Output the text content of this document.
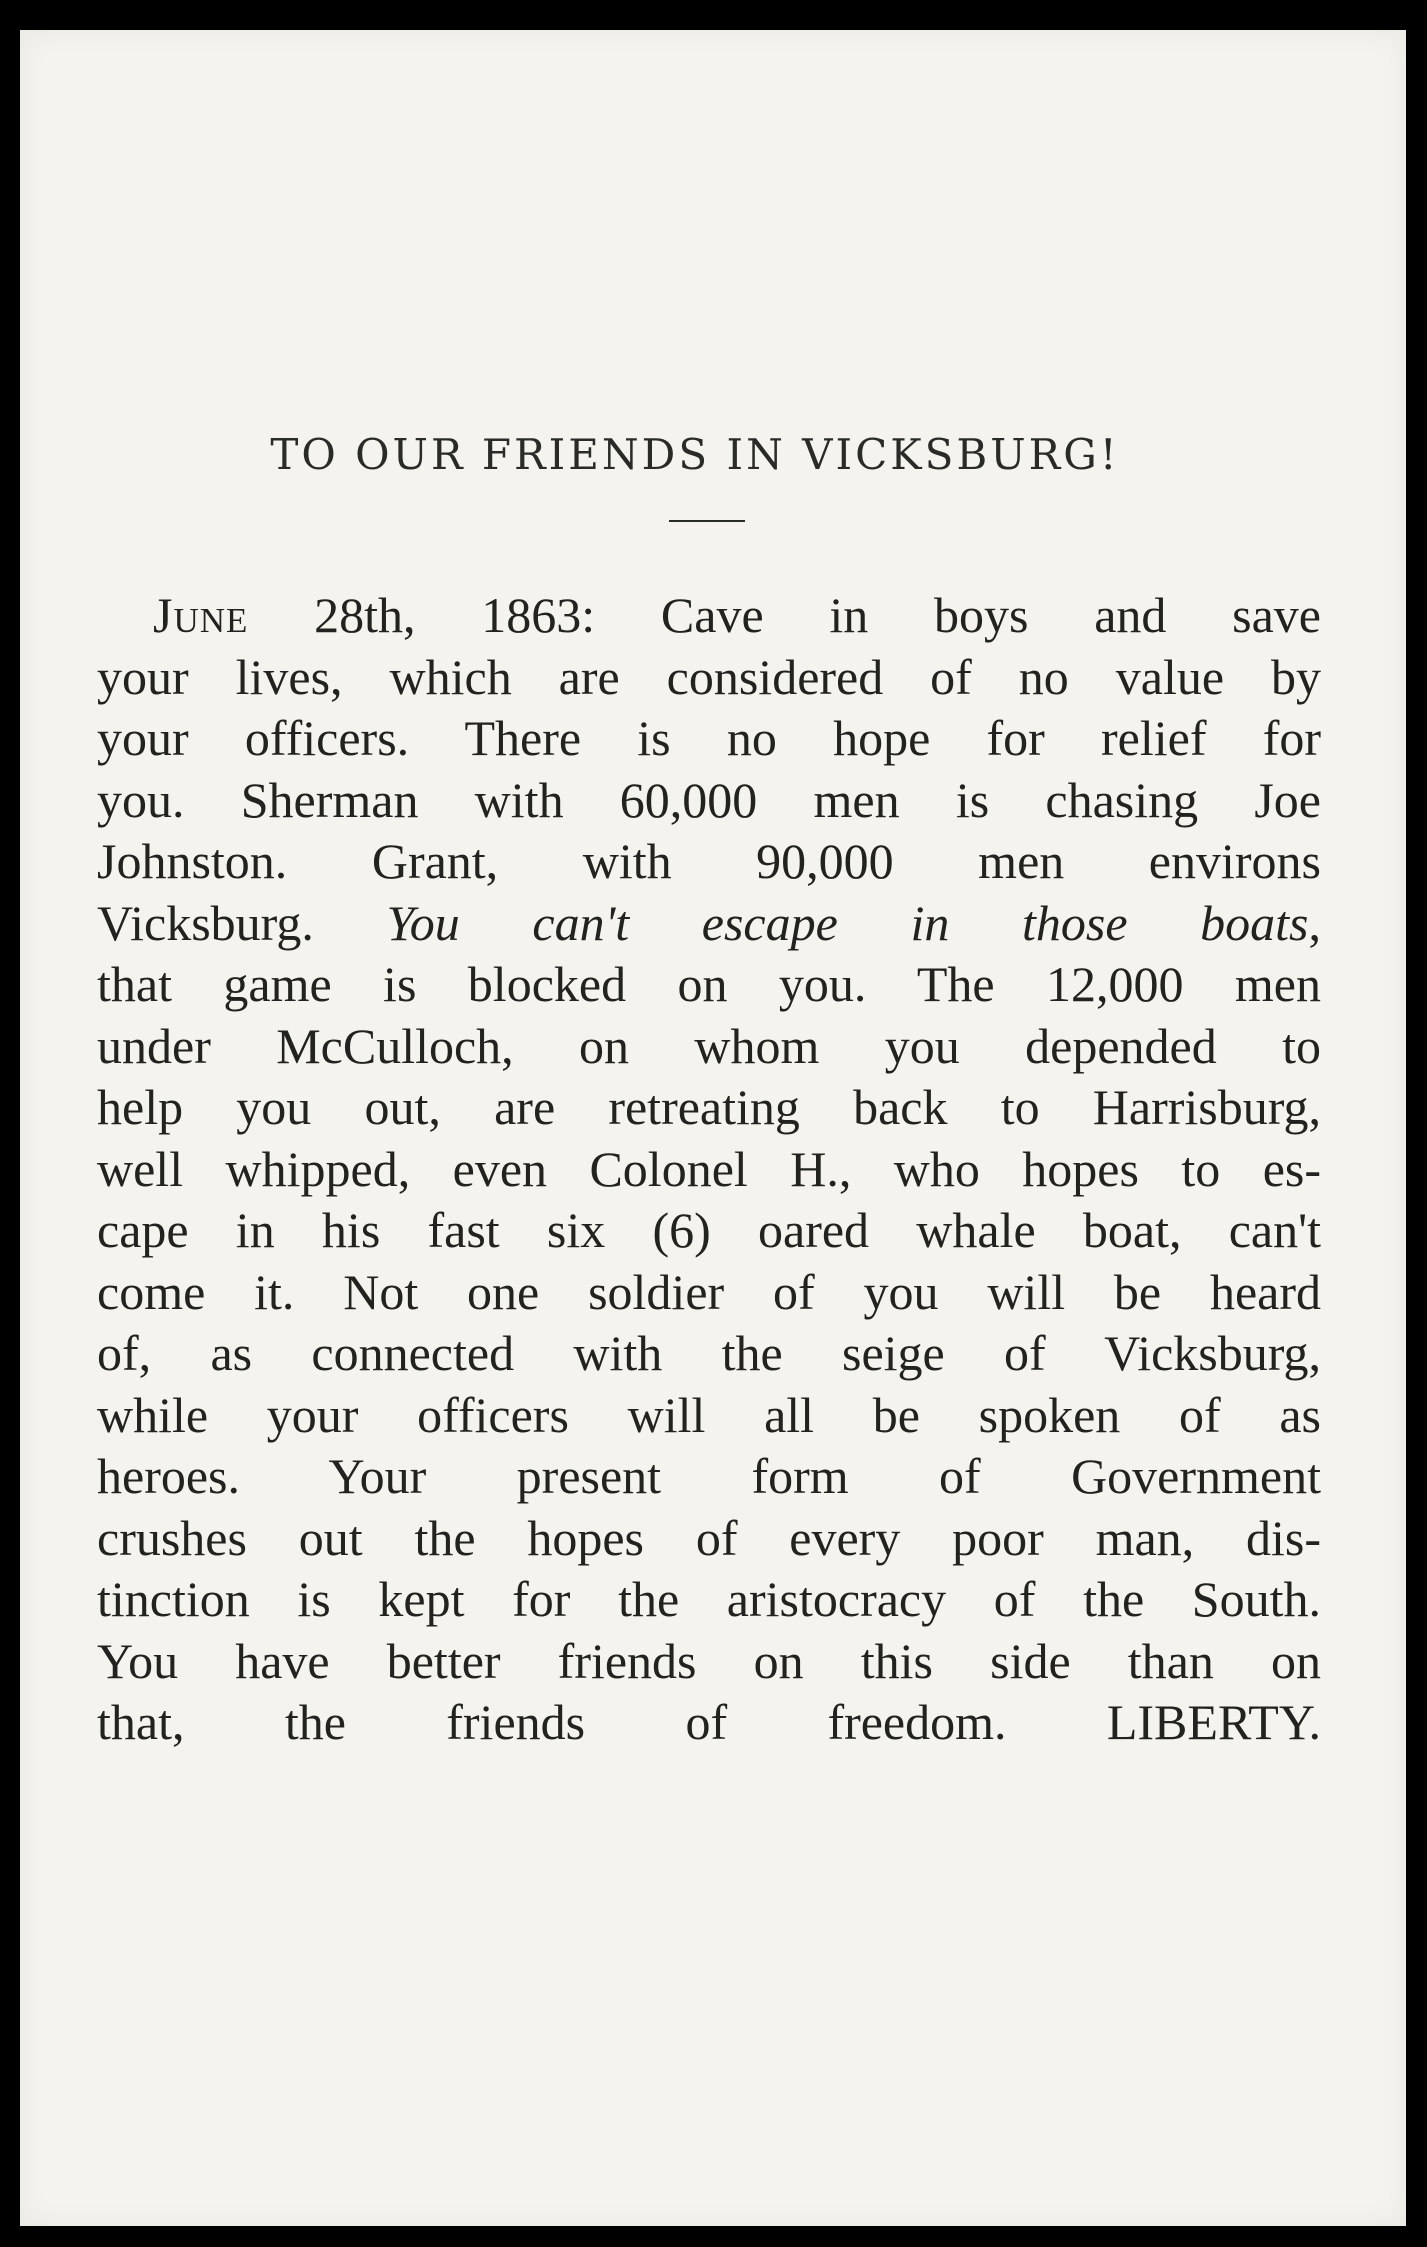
TO OUR FRIENDS IN VICKSBURG!
June 28th, 1863: Cave in boys and save
your lives, which are considered of no value by
your officers. There is no hope for relief for
you. Sherman with 60,000 men is chasing Joe
Johnston. Grant, with 90,000 men environs
Vicksburg. You can't escape in those boats,
that game is blocked on you. The 12,000 men
under McCulloch, on whom you depended to
help you out, are retreating back to Harrisburg,
well whipped, even Colonel H., who hopes to es-
cape in his fast six (6) oared whale boat, can't
come it. Not one soldier of you will be heard
of, as connected with the seige of Vicksburg,
while your officers will all be spoken of as
heroes. Your present form of Government
crushes out the hopes of every poor man, dis-
tinction is kept for the aristocracy of the South.
You have better friends on this side than on
that, the friends of freedom. LIBERTY.
